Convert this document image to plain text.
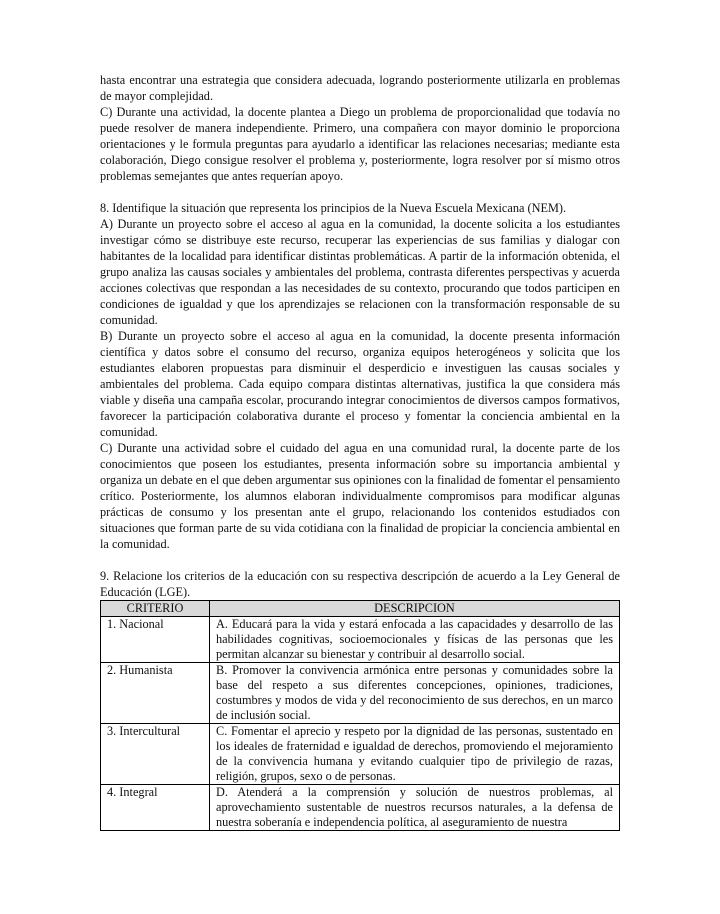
hasta encontrar una estrategia que considera adecuada, logrando posteriormente utilizarla en problemas de mayor complejidad.

C) Durante una actividad, la docente plantea a Diego un problema de proporcionalidad que todavía no puede resolver de manera independiente. Primero, una compañera con mayor dominio le proporciona orientaciones y le formula preguntas para ayudarlo a identificar las relaciones necesarias; mediante esta colaboración, Diego consigue resolver el problema y, posteriormente, logra resolver por sí mismo otros problemas semejantes que antes requerían apoyo.

8. Identifique la situación que representa los principios de la Nueva Escuela Mexicana (NEM).

A) Durante un proyecto sobre el acceso al agua en la comunidad, la docente solicita a los estudiantes investigar cómo se distribuye este recurso, recuperar las experiencias de sus familias y dialogar con habitantes de la localidad para identificar distintas problemáticas. A partir de la información obtenida, el grupo analiza las causas sociales y ambientales del problema, contrasta diferentes perspectivas y acuerda acciones colectivas que respondan a las necesidades de su contexto, procurando que todos participen en condiciones de igualdad y que los aprendizajes se relacionen con la transformación responsable de su comunidad.

B) Durante un proyecto sobre el acceso al agua en la comunidad, la docente presenta información científica y datos sobre el consumo del recurso, organiza equipos heterogéneos y solicita que los estudiantes elaboren propuestas para disminuir el desperdicio e investiguen las causas sociales y ambientales del problema. Cada equipo compara distintas alternativas, justifica la que considera más viable y diseña una campaña escolar, procurando integrar conocimientos de diversos campos formativos, favorecer la participación colaborativa durante el proceso y fomentar la conciencia ambiental en la comunidad.

C) Durante una actividad sobre el cuidado del agua en una comunidad rural, la docente parte de los conocimientos que poseen los estudiantes, presenta información sobre su importancia ambiental y organiza un debate en el que deben argumentar sus opiniones con la finalidad de fomentar el pensamiento crítico. Posteriormente, los alumnos elaboran individualmente compromisos para modificar algunas prácticas de consumo y los presentan ante el grupo, relacionando los contenidos estudiados con situaciones que forman parte de su vida cotidiana con la finalidad de propiciar la conciencia ambiental en la comunidad.

9. Relacione los criterios de la educación con su respectiva descripción de acuerdo a la Ley General de Educación (LGE).

CRITERIO	DESCRIPCION
1. Nacional	A. Educará para la vida y estará enfocada a las capacidades y desarrollo de las habilidades cognitivas, socioemocionales y físicas de las personas que les permitan alcanzar su bienestar y contribuir al desarrollo social.
2. Humanista	B. Promover la convivencia armónica entre personas y comunidades sobre la base del respeto a sus diferentes concepciones, opiniones, tradiciones, costumbres y modos de vida y del reconocimiento de sus derechos, en un marco de inclusión social.
3. Intercultural	C. Fomentar el aprecio y respeto por la dignidad de las personas, sustentado en los ideales de fraternidad e igualdad de derechos, promoviendo el mejoramiento de la convivencia humana y evitando cualquier tipo de privilegio de razas, religión, grupos, sexo o de personas.
4. Integral	D. Atenderá a la comprensión y solución de nuestros problemas, al aprovechamiento sustentable de nuestros recursos naturales, a la defensa de nuestra soberanía e independencia política, al aseguramiento de nuestra
